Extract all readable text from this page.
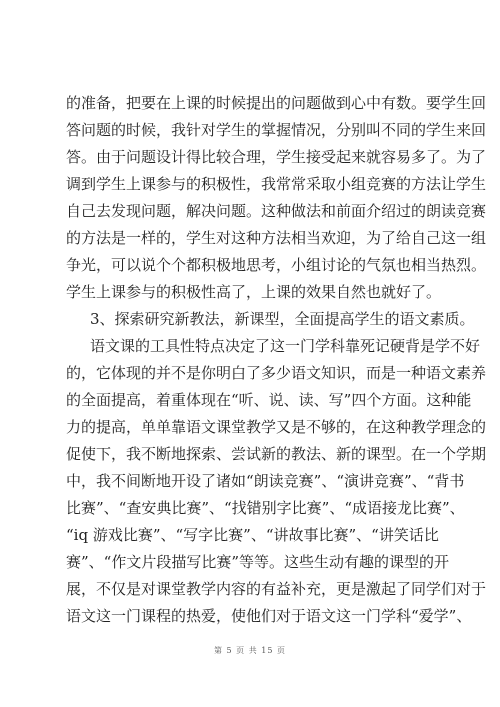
的准备，把要在上课的时候提出的问题做到心中有数。要学生回
答问题的时候，我针对学生的掌握情况，分别叫不同的学生来回
答。由于问题设计得比较合理，学生接受起来就容易多了。为了
调到学生上课参与的积极性，我常常采取小组竞赛的方法让学生
自己去发现问题，解决问题。这种做法和前面介绍过的朗读竞赛
的方法是一样的，学生对这种方法相当欢迎，为了给自己这一组
争光，可以说个个都积极地思考，小组讨论的气氛也相当热烈。
学生上课参与的积极性高了，上课的效果自然也就好了。
3、探索研究新教法，新课型，全面提高学生的语文素质。
语文课的工具性特点决定了这一门学科靠死记硬背是学不好
的，它体现的并不是你明白了多少语文知识，而是一种语文素养
的全面提高，着重体现在“听、说、读、写”四个方面。这种能
力的提高，单单靠语文课堂教学又是不够的，在这种教学理念的
促使下，我不断地探索、尝试新的教法、新的课型。在一个学期
中，我不间断地开设了诸如“朗读竞赛”、“演讲竞赛”、“背书
比赛”、“查安典比赛”、“找错别字比赛”、“成语接龙比赛”、
“iq 游戏比赛”、“写字比赛”、“讲故事比赛”、“讲笑话比
赛”、“作文片段描写比赛”等等。这些生动有趣的课型的开
展，不仅是对课堂教学内容的有益补充，更是激起了同学们对于
语文这一门课程的热爱，使他们对于语文这一门学科“爱学”、
第 5 页 共 15 页
